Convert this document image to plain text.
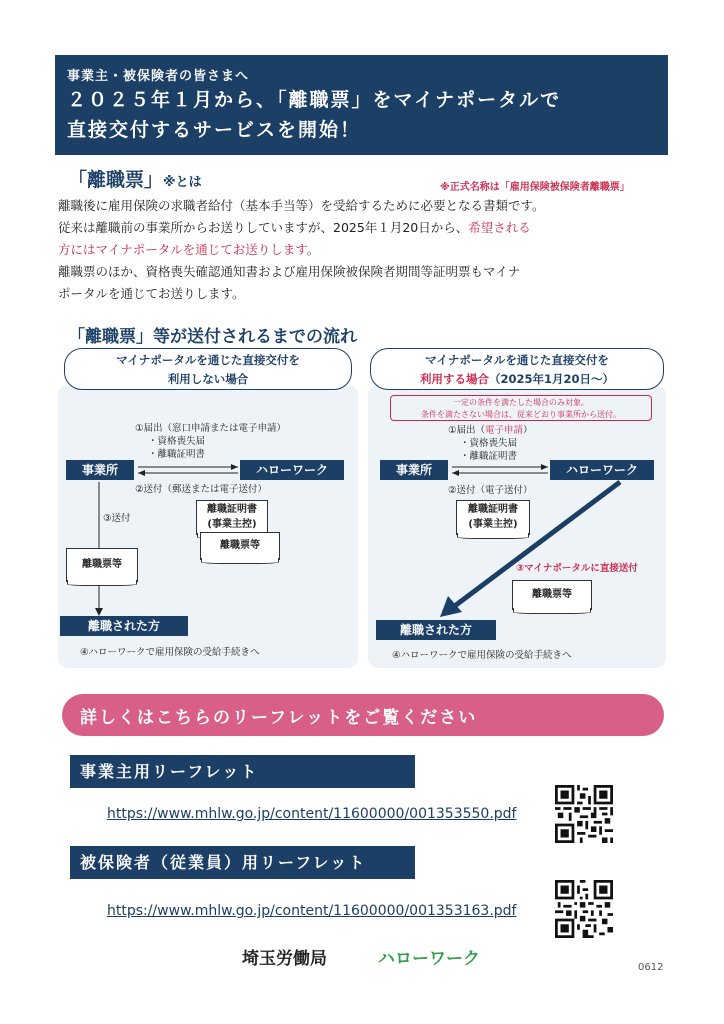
事業主・被保険者の皆さまへ
２０２５年１月から、「離職票」をマイナポータルで
直接交付するサービスを開始！
「離職票」※とは	※正式名称は「雇用保険被保険者離職票」
離職後に雇用保険の求職者給付（基本手当等）を受給するために必要となる書類です。
従来は離職前の事業所からお送りしていますが、2025年１月20日から、希望される
方にはマイナポータルを通じてお送りします。
離職票のほか、資格喪失確認通知書および雇用保険被保険者期間等証明票もマイナ
ポータルを通じてお送りします。
「離職票」等が送付されるまでの流れ
マイナポータルを通じた直接交付を
利用しない場合
①届出（窓口申請または電子申請）
・資格喪失届
・離職証明書
事業所	ハローワーク
②送付（郵送または電子送付）
③送付
離職証明書
(事業主控)
離職票等
離職票等
離職された方
④ハローワークで雇用保険の受給手続きへ
マイナポータルを通じた直接交付を
利用する場合（2025年1月20日～）
一定の条件を満たした場合のみ対象。
条件を満たさない場合は、従来どおり事業所から送付。
①届出（電子申請）
・資格喪失届
・離職証明書
事業所	ハローワーク
②送付（電子送付）
離職証明書
(事業主控)
③マイナポータルに直接送付
離職票等
離職された方
④ハローワークで雇用保険の受給手続きへ
詳しくはこちらのリーフレットをご覧ください
事業主用リーフレット
https://www.mhlw.go.jp/content/11600000/001353550.pdf
被保険者（従業員）用リーフレット
https://www.mhlw.go.jp/content/11600000/001353163.pdf
埼玉労働局	ハローワーク	0612
